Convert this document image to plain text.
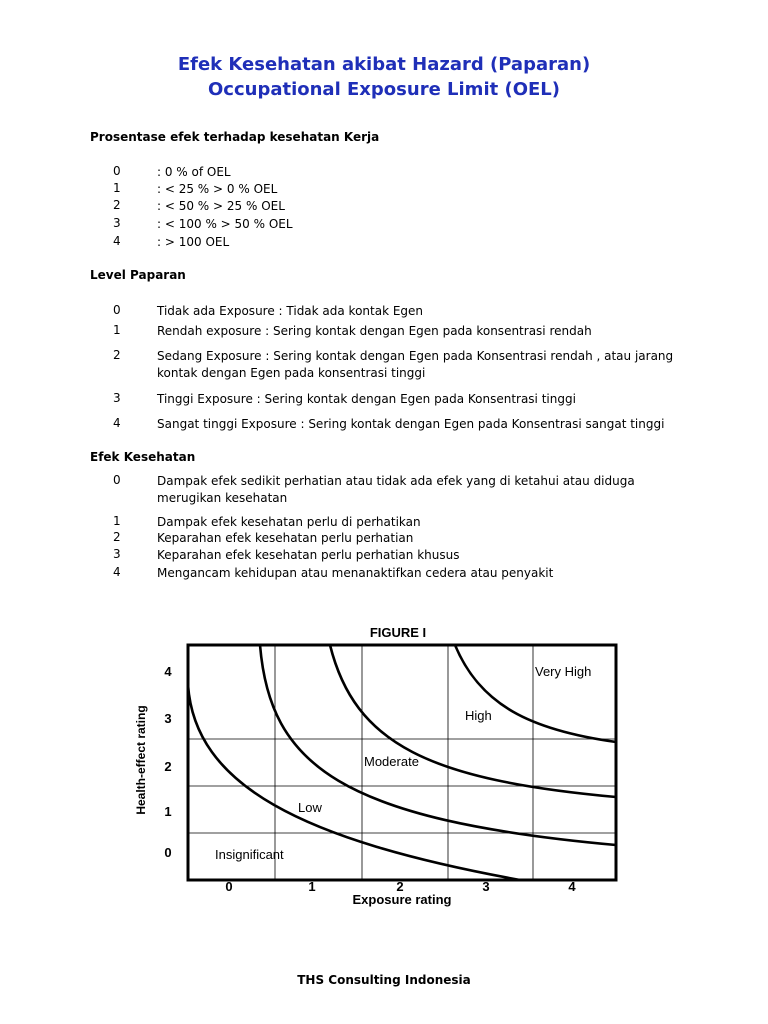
Efek Kesehatan akibat Hazard (Paparan)
Occupational Exposure Limit (OEL)
Prosentase efek terhadap kesehatan Kerja
0	: 0 % of OEL
1	: < 25 % > 0 % OEL
2	: < 50 % > 25 % OEL
3	: < 100 % > 50 % OEL
4	: > 100 OEL
Level Paparan
0	Tidak ada Exposure : Tidak ada kontak Egen
1	Rendah exposure : Sering kontak dengan Egen pada konsentrasi rendah
2	Sedang Exposure : Sering kontak dengan Egen pada Konsentrasi rendah , atau jarang kontak dengan Egen pada konsentrasi tinggi
3	Tinggi Exposure : Sering kontak dengan Egen pada Konsentrasi tinggi
4	Sangat tinggi Exposure : Sering kontak dengan Egen pada Konsentrasi sangat tinggi
Efek Kesehatan
0	Dampak efek sedikit perhatian atau tidak ada efek yang di ketahui atau diduga merugikan kesehatan
1	Dampak efek kesehatan perlu di perhatikan
2	Keparahan efek kesehatan perlu perhatian
3	Keparahan efek kesehatan perlu perhatian khusus
4	Mengancam kehidupan atau menanaktifkan cedera atau penyakit
FIGURE I
Insignificant
Low
Moderate
High
Very High
4
3
2
1
0
0	1	2	3	4
Exposure rating
Health-effect rating
THS Consulting Indonesia
